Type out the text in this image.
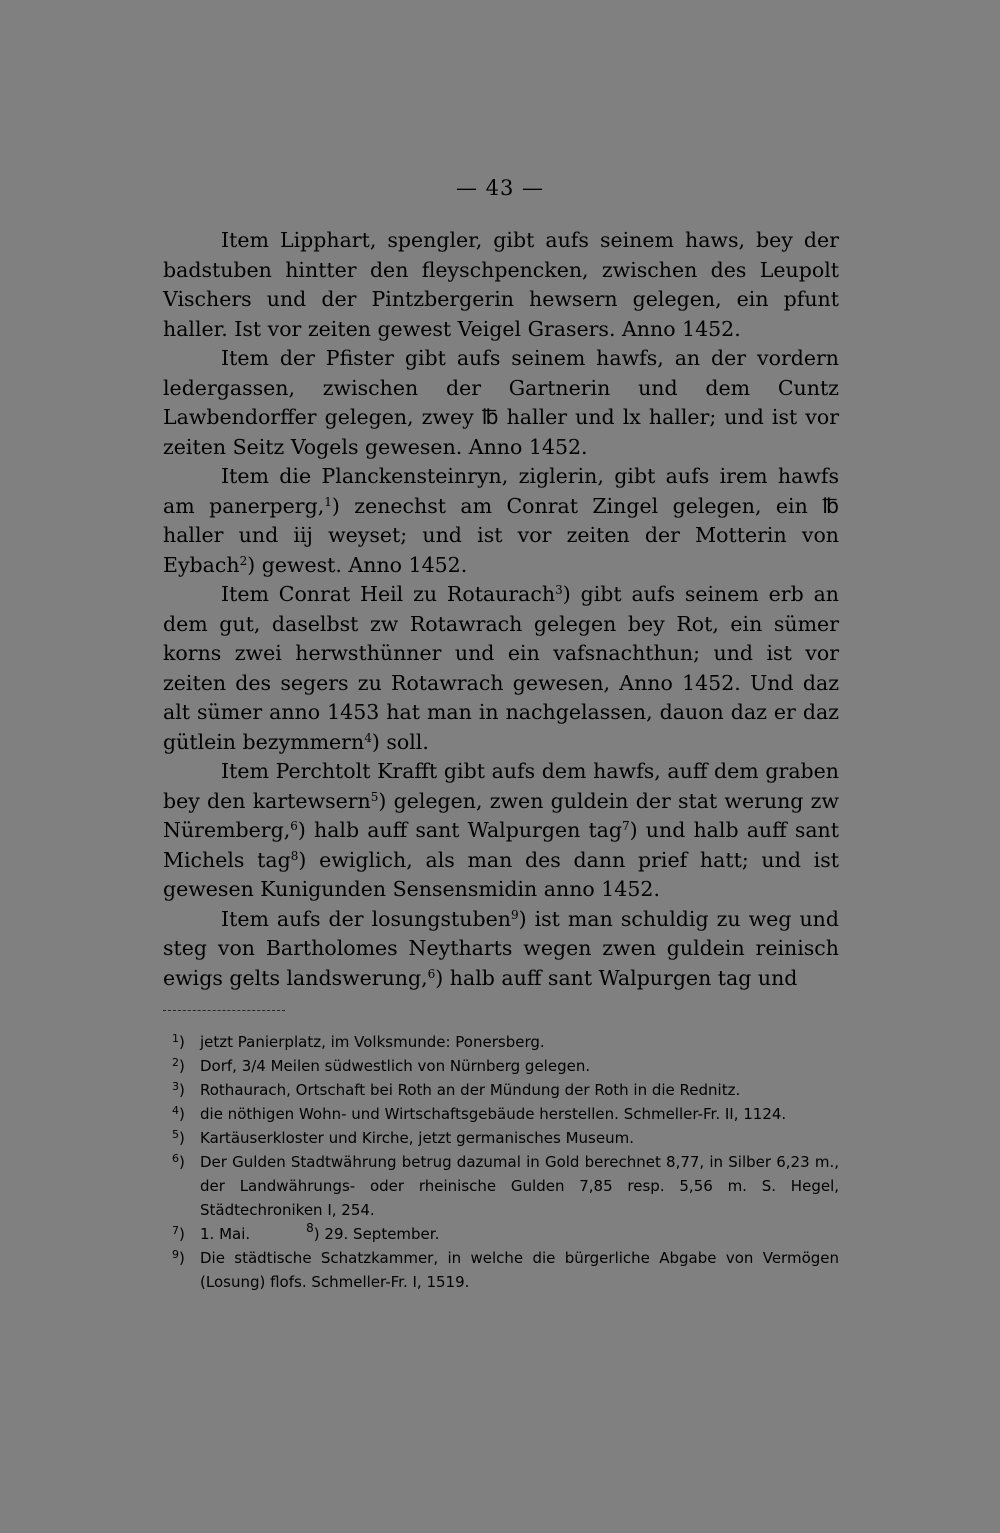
— 43 —

Item Lipphart, spengler, gibt aufs seinem haws, bey der badstuben hintter den fleyschpencken, zwischen des Leupolt Vischers und der Pintzbergerin hewsern gelegen, ein pfunt haller. Ist vor zeiten gewest Veigel Grasers. Anno 1452.

Item der Pfister gibt aufs seinem hawfs, an der vordern ledergassen, zwischen der Gartnerin und dem Cuntz Lawbendorffer gelegen, zwey ℔ haller und lx haller; und ist vor zeiten Seitz Vogels gewesen. Anno 1452.

Item die Planckensteinryn, ziglerin, gibt aufs irem hawfs am panerperg,$^1$) zenechst am Conrat Zingel gelegen, ein ℔ haller und iij weyset; und ist vor zeiten der Motterin von Eybach$^2$) gewest. Anno 1452.

Item Conrat Heil zu Rotaurach$^3$) gibt aufs seinem erb an dem gut, daselbst zw Rotawrach gelegen bey Rot, ein sümer korns zwei herwsthünner und ein vafsnachthun; und ist vor zeiten des segers zu Rotawrach gewesen, Anno 1452. Und daz alt sümer anno 1453 hat man in nachgelassen, dauon daz er daz gütlein bezymmern$^4$) soll.

Item Perchtolt Krafft gibt aufs dem hawfs, auff dem graben bey den kartewsern$^5$) gelegen, zwen guldein der stat werung zw Nüremberg,$^6$) halb auff sant Walpurgen tag$^7$) und halb auff sant Michels tag$^8$) ewiglich, als man des dann prief hatt; und ist gewesen Kunigunden Sensensmidin anno 1452.

Item aufs der losungstuben$^9$) ist man schuldig zu weg und steg von Bartholomes Neytharts wegen zwen guldein reinisch ewigs gelts landswerung,$^6$) halb auff sant Walpurgen tag und

$^1$) jetzt Panierplatz, im Volksmunde: Ponersberg.
$^2$) Dorf, 3/4 Meilen südwestlich von Nürnberg gelegen.
$^3$) Rothaurach, Ortschaft bei Roth an der Mündung der Roth in die Rednitz.
$^4$) die nöthigen Wohn- und Wirtschaftsgebäude herstellen. Schmeller-Fr. II, 1124.
$^5$) Kartäuserkloster und Kirche, jetzt germanisches Museum.
$^6$) Der Gulden Stadtwährung betrug dazumal in Gold berechnet 8,77, in Silber 6,23 m., der Landwährungs- oder rheinische Gulden 7,85 resp. 5,56 m. S. Hegel, Städtechroniken I, 254.
$^7$) 1. Mai.	$^8$) 29. September.
$^9$) Die städtische Schatzkammer, in welche die bürgerliche Abgabe von Vermögen (Losung) flofs. Schmeller-Fr. I, 1519.
